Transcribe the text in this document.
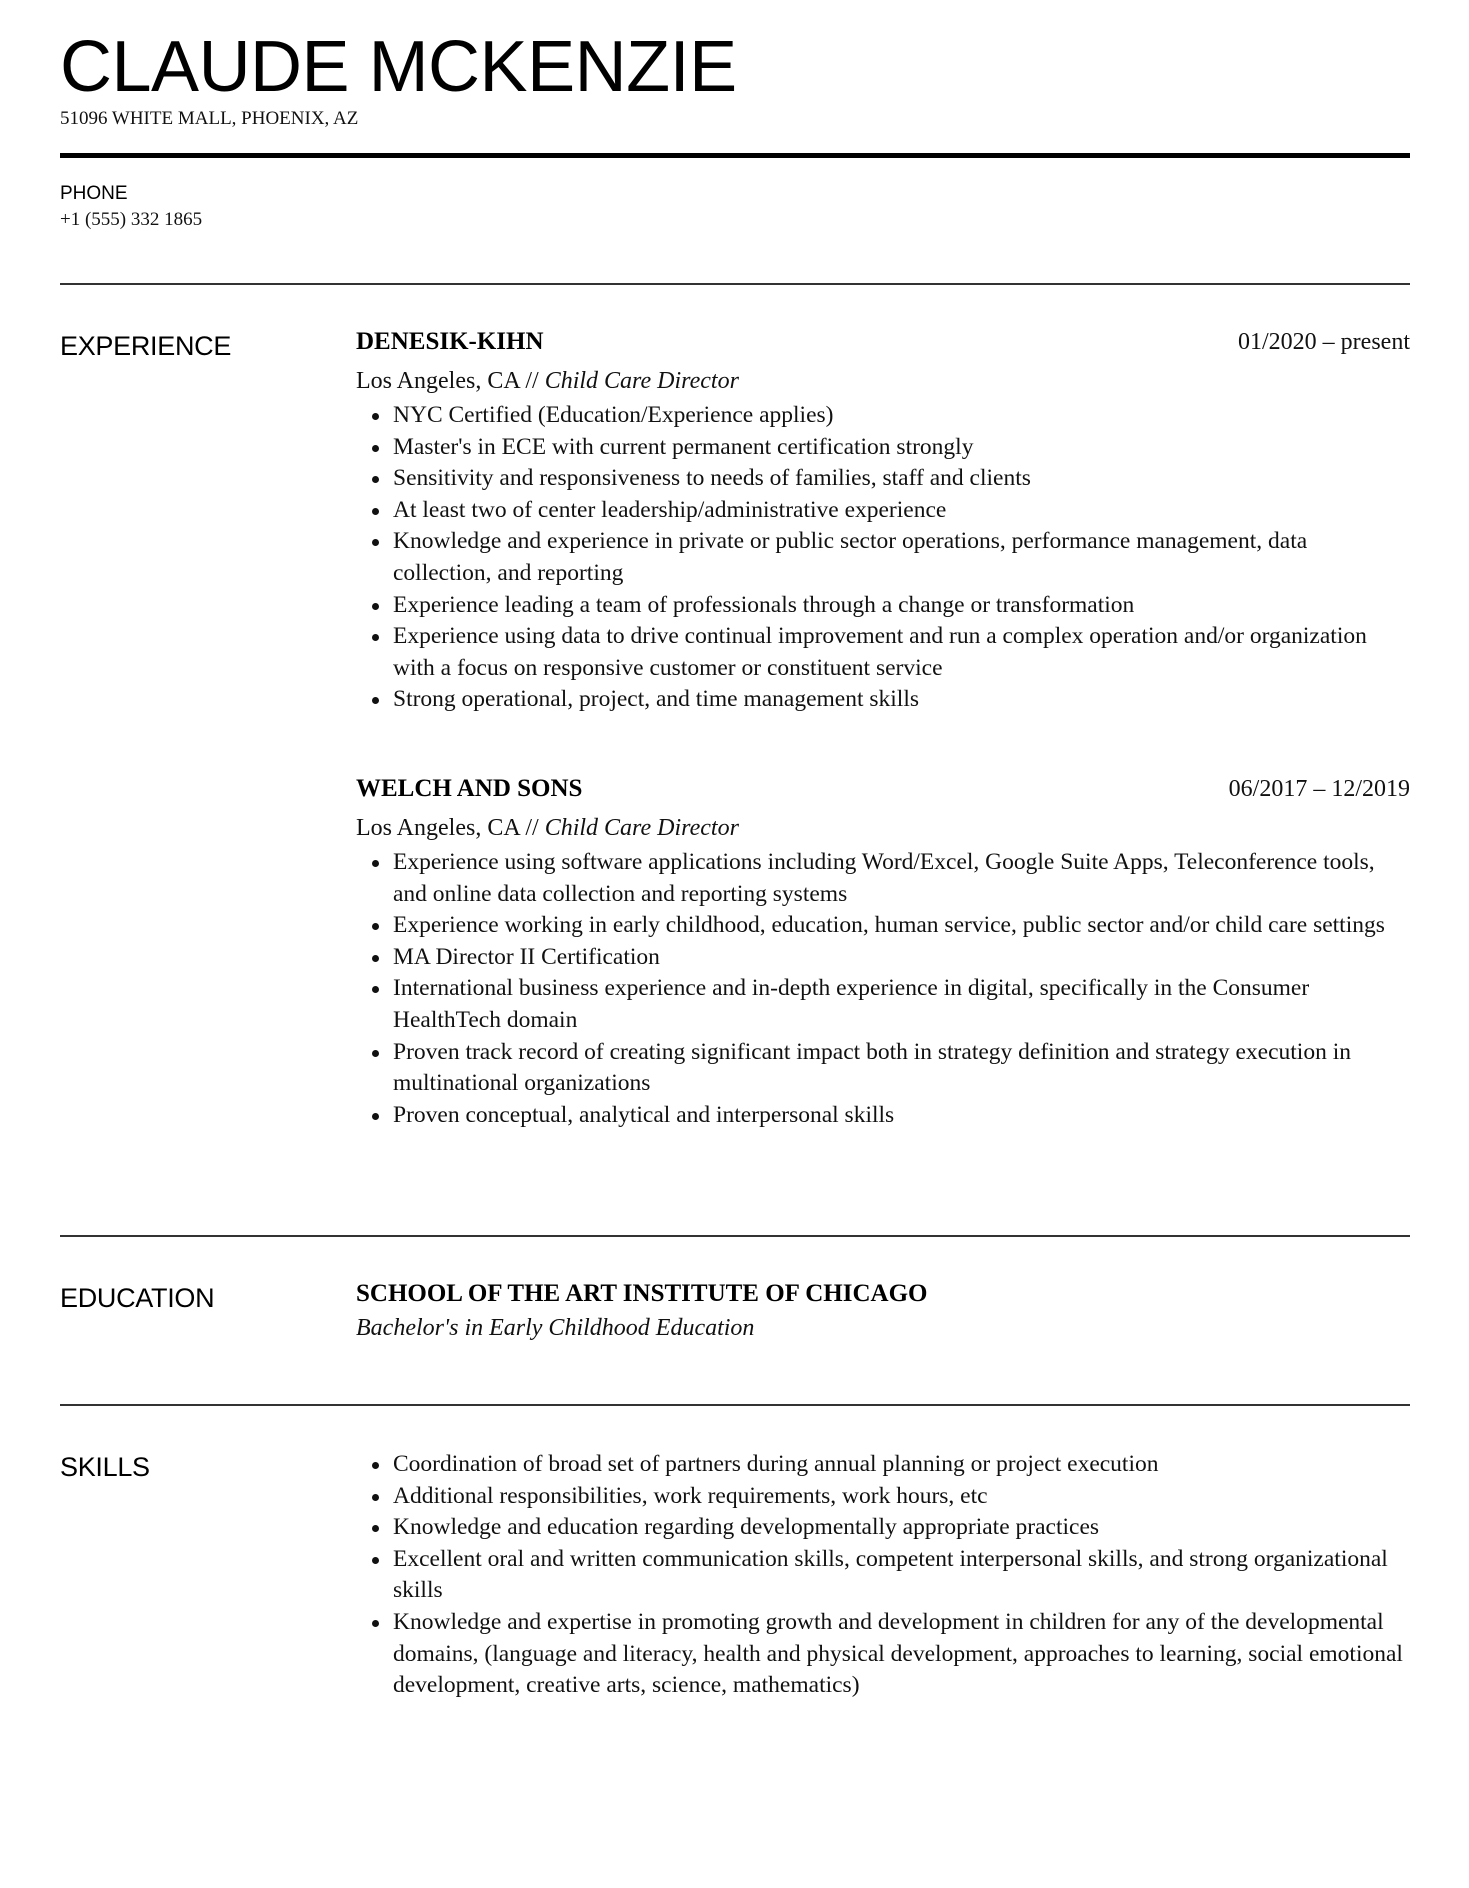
CLAUDE MCKENZIE
51096 WHITE MALL, PHOENIX, AZ
PHONE
+1 (555) 332 1865
EXPERIENCE	DENESIK-KIHN	01/2020 – present
Los Angeles, CA // Child Care Director
NYC Certified (Education/Experience applies)
Master's in ECE with current permanent certification strongly
Sensitivity and responsiveness to needs of families, staff and clients
At least two of center leadership/administrative experience
Knowledge and experience in private or public sector operations, performance management, data collection, and reporting
Experience leading a team of professionals through a change or transformation
Experience using data to drive continual improvement and run a complex operation and/or organization with a focus on responsive customer or constituent service
Strong operational, project, and time management skills
WELCH AND SONS	06/2017 – 12/2019
Los Angeles, CA // Child Care Director
Experience using software applications including Word/Excel, Google Suite Apps, Teleconference tools, and online data collection and reporting systems
Experience working in early childhood, education, human service, public sector and/or child care settings
MA Director II Certification
International business experience and in-depth experience in digital, specifically in the Consumer HealthTech domain
Proven track record of creating significant impact both in strategy definition and strategy execution in multinational organizations
Proven conceptual, analytical and interpersonal skills
EDUCATION	SCHOOL OF THE ART INSTITUTE OF CHICAGO
Bachelor's in Early Childhood Education
SKILLS	Coordination of broad set of partners during annual planning or project execution
Additional responsibilities, work requirements, work hours, etc
Knowledge and education regarding developmentally appropriate practices
Excellent oral and written communication skills, competent interpersonal skills, and strong organizational skills
Knowledge and expertise in promoting growth and development in children for any of the developmental domains, (language and literacy, health and physical development, approaches to learning, social emotional development, creative arts, science, mathematics)
